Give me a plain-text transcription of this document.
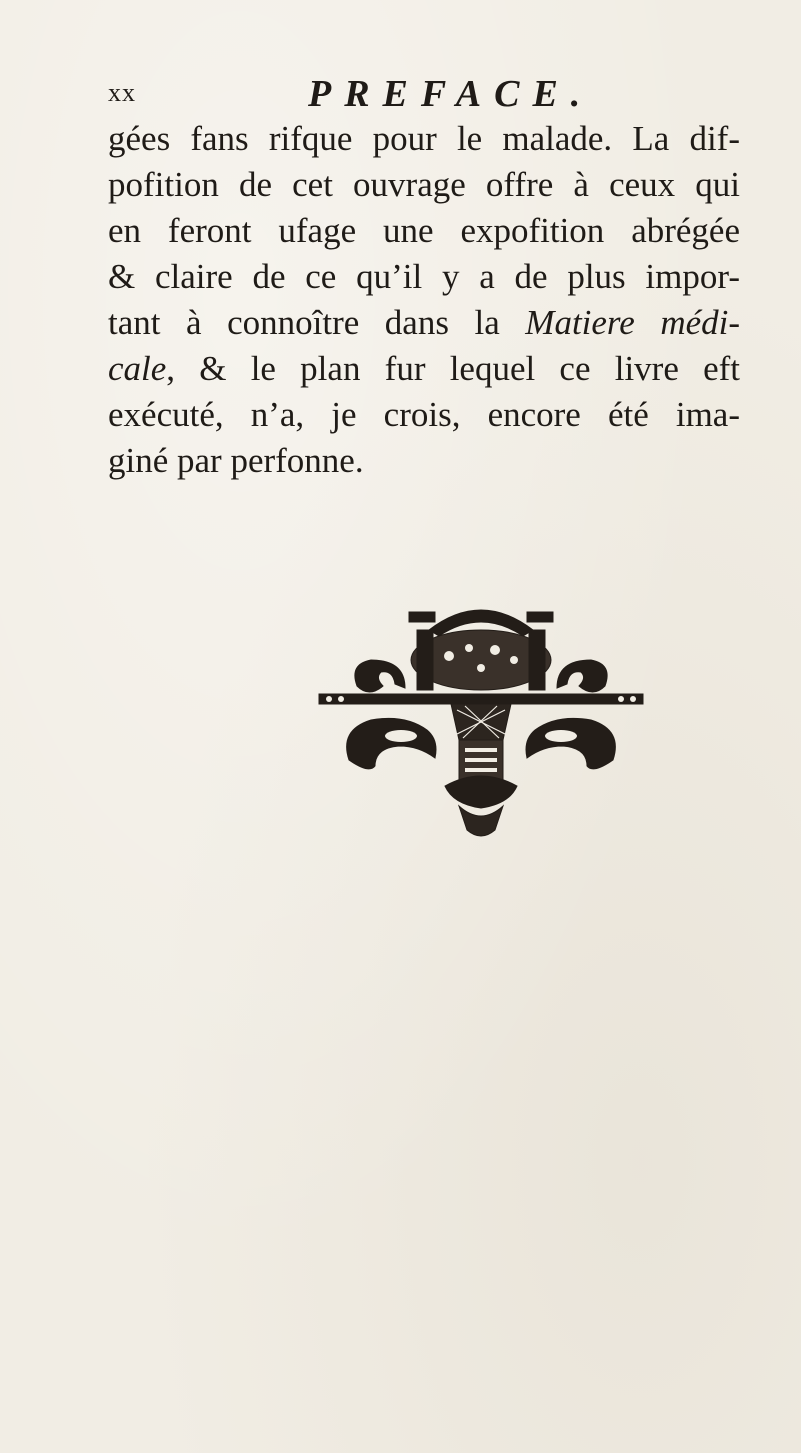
xx	PREFACE.
gées fans rifque pour le malade. La dif-
pofition de cet ouvrage offre à ceux qui
en feront ufage une expofition abrégée
& claire de ce qu’il y a de plus impor-
tant à connoître dans la Matiere médi-
cale, & le plan fur lequel ce livre eft
exécuté, n’a, je crois, encore été ima-
giné par perfonne.
